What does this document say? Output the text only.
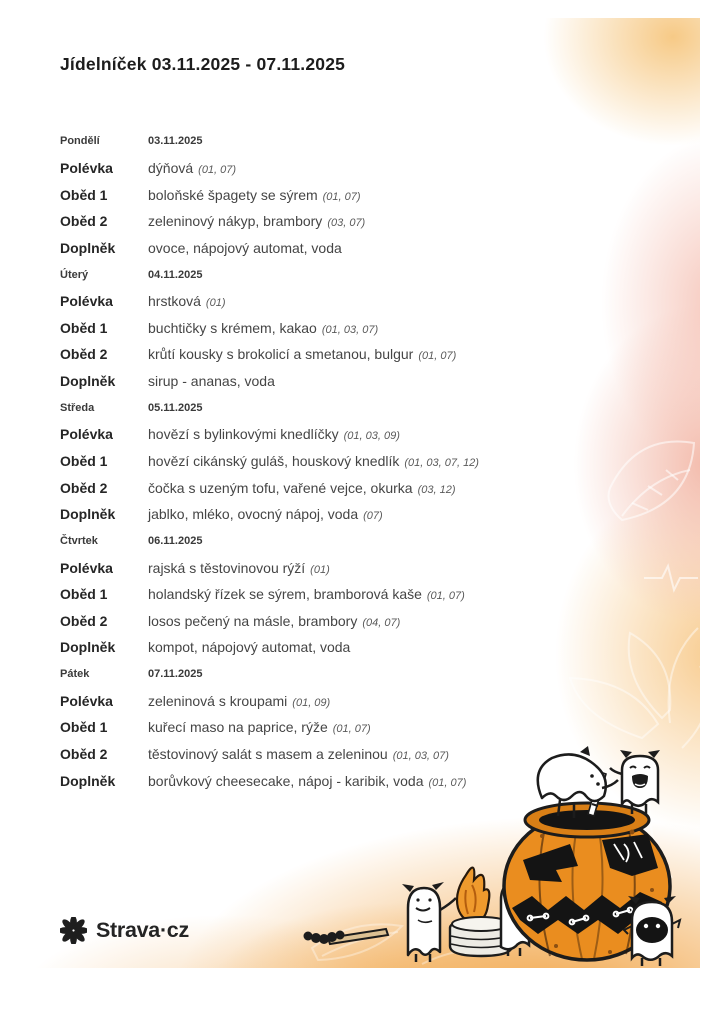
Jídelníček 03.11.2025 - 07.11.2025
Pondělí	03.11.2025
Polévka	dýňová (01, 07)
Oběd 1	boloňské špagety se sýrem (01, 07)
Oběd 2	zeleninový nákyp, brambory (03, 07)
Doplněk	ovoce, nápojový automat, voda
Úterý	04.11.2025
Polévka	hrstková (01)
Oběd 1	buchtičky s krémem, kakao (01, 03, 07)
Oběd 2	krůtí kousky s brokolicí a smetanou, bulgur (01, 07)
Doplněk	sirup - ananas, voda
Středa	05.11.2025
Polévka	hovězí s bylinkovými knedlíčky (01, 03, 09)
Oběd 1	hovězí cikánský guláš, houskový knedlík (01, 03, 07, 12)
Oběd 2	čočka s uzeným tofu, vařené vejce, okurka (03, 12)
Doplněk	jablko, mléko, ovocný nápoj, voda (07)
Čtvrtek	06.11.2025
Polévka	rajská s těstovinovou rýží (01)
Oběd 1	holandský řízek se sýrem, bramborová kaše (01, 07)
Oběd 2	losos pečený na másle, brambory (04, 07)
Doplněk	kompot, nápojový automat, voda
Pátek	07.11.2025
Polévka	zeleninová s kroupami (01, 09)
Oběd 1	kuřecí maso na paprice, rýže (01, 07)
Oběd 2	těstovinový salát s masem a zeleninou (01, 03, 07)
Doplněk	borůvkový cheesecake, nápoj - karibik, voda (01, 07)
Strava·cz
